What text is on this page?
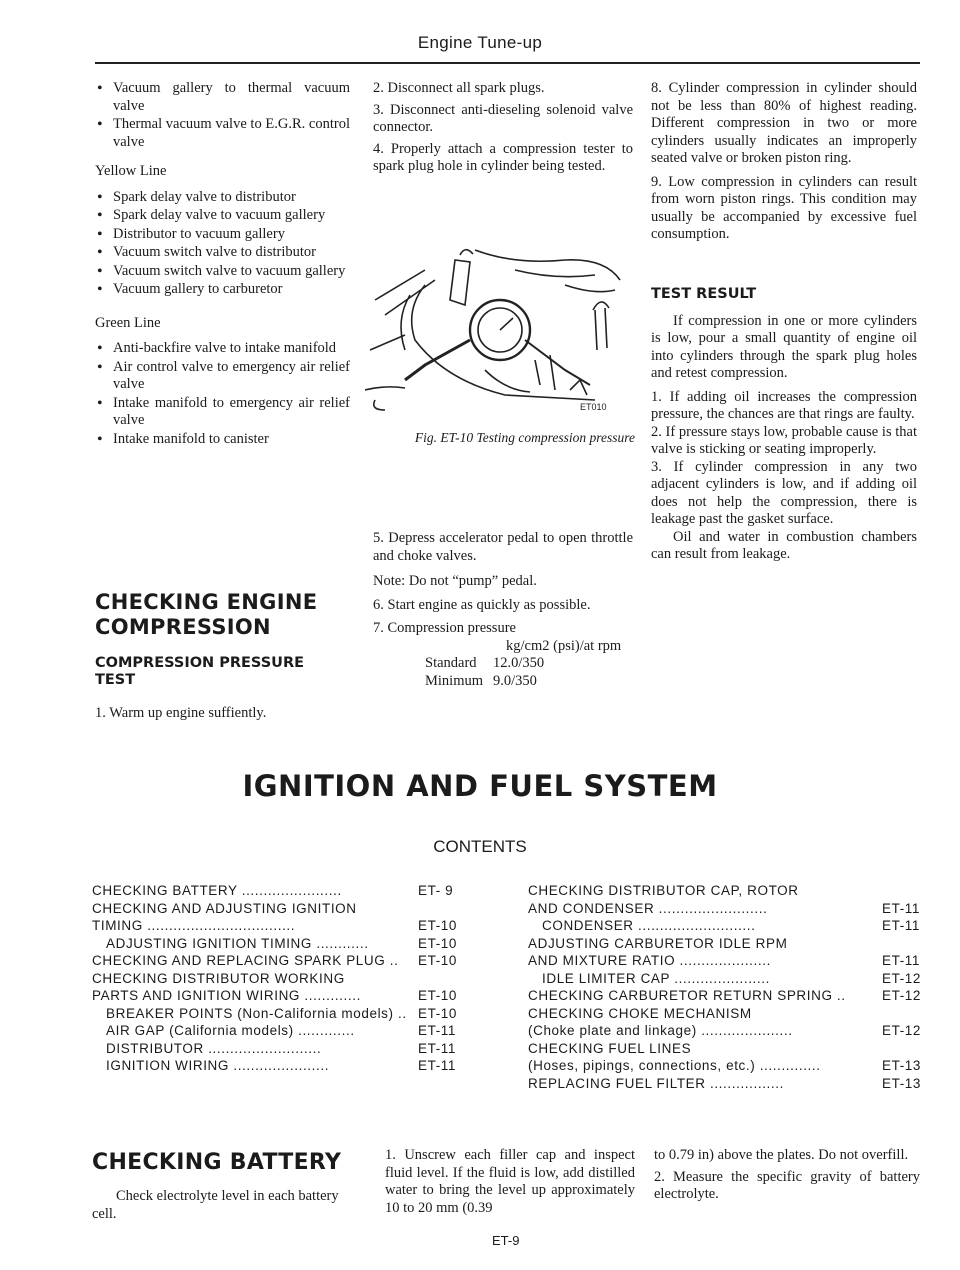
Engine Tune-up
• Vacuum gallery to thermal vacuum valve
• Thermal vacuum valve to E.G.R. control valve
Yellow Line
• Spark delay valve to distributor
• Spark delay valve to vacuum gallery
• Distributor to vacuum gallery
• Vacuum switch valve to distributor
• Vacuum switch valve to vacuum gallery
• Vacuum gallery to carburetor
Green Line
• Anti-backfire valve to intake manifold
• Air control valve to emergency air relief valve
• Intake manifold to emergency air relief valve
• Intake manifold to canister
CHECKING ENGINE COMPRESSION
COMPRESSION PRESSURE TEST

1. Warm up engine suffiently.

2. Disconnect all spark plugs.

3. Disconnect anti-dieseling solenoid valve connector.

4. Properly attach a compression tester to spark plug hole in cylinder being tested.

ET010
Fig. ET-10 Testing compression pressure

5. Depress accelerator pedal to open throttle and choke valves.

Note: Do not “pump” pedal.

6. Start engine as quickly as possible.

7. Compression pressure

kg/cm2 (psi)/at rpm
Standard	12.0/350
Minimum 9.0/350

8. Cylinder compression in cylinder should not be less than 80% of highest reading. Different compression in two or more cylinders usually indicates an improperly seated valve or broken piston ring.

9. Low compression in cylinders can result from worn piston rings. This condition may usually be accompanied by excessive fuel consumption.

TEST RESULT

If compression in one or more cylinders is low, pour a small quantity of engine oil into cylinders through the spark plug holes and retest compression.

1. If adding oil increases the compression pressure, the chances are that rings are faulty.

2. If pressure stays low, probable cause is that valve is sticking or seating improperly.

3. If cylinder compression in any two adjacent cylinders is low, and if adding oil does not help the compression, there is leakage past the gasket surface.

Oil and water in combustion chambers can result from leakage.

IGNITION AND FUEL SYSTEM
CONTENTS
CHECKING BATTERY .......................	ET- 9
CHECKING AND ADJUSTING IGNITION
TIMING ..................................	ET-10
ADJUSTING IGNITION TIMING ............	ET-10
CHECKING AND REPLACING SPARK PLUG .. ET-10
CHECKING DISTRIBUTOR WORKING
PARTS AND IGNITION WIRING .............	ET-10
BREAKER POINTS (Non-California models) .. ET-10
AIR GAP (California models) .............	ET-11
DISTRIBUTOR ..........................	ET-11
IGNITION WIRING ......................	ET-11
CHECKING DISTRIBUTOR CAP, ROTOR
AND CONDENSER .........................	ET-11
CONDENSER ...........................	ET-11
ADJUSTING CARBURETOR IDLE RPM
AND MIXTURE RATIO .....................	ET-11
IDLE LIMITER CAP ......................	ET-12
CHECKING CARBURETOR RETURN SPRING ..	ET-12
CHECKING CHOKE MECHANISM
(Choke plate and linkage) .....................	ET-12
CHECKING FUEL LINES
(Hoses, pipings, connections, etc.) ..............	ET-13
REPLACING FUEL FILTER .................	ET-13
CHECKING BATTERY

Check electrolyte level in each battery cell.

1. Unscrew each filler cap and inspect fluid level. If the fluid is low, add distilled water to bring the level up approximately 10 to 20 mm (0.39

to 0.79 in) above the plates. Do not overfill.

2. Measure the specific gravity of battery electrolyte.

ET-9
